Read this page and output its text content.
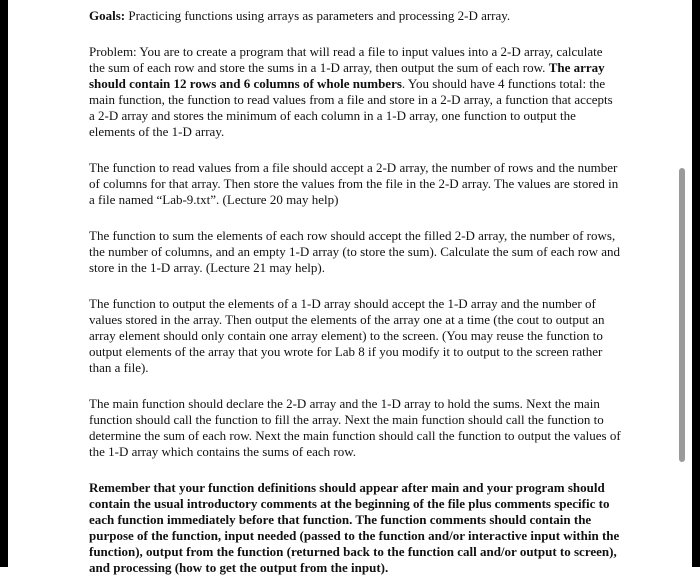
Goals: Practicing functions using arrays as parameters and processing 2-D array.

Problem: You are to create a program that will read a file to input values into a 2-D array, calculate the sum of each row and store the sums in a 1-D array, then output the sum of each row. The array should contain 12 rows and 6 columns of whole numbers. You should have 4 functions total: the main function, the function to read values from a file and store in a 2-D array, a function that accepts a 2-D array and stores the minimum of each column in a 1-D array, one function to output the elements of the 1-D array.

The function to read values from a file should accept a 2-D array, the number of rows and the number of columns for that array. Then store the values from the file in the 2-D array. The values are stored in a file named “Lab-9.txt”. (Lecture 20 may help)

The function to sum the elements of each row should accept the filled 2-D array, the number of rows, the number of columns, and an empty 1-D array (to store the sum). Calculate the sum of each row and store in the 1-D array. (Lecture 21 may help).

The function to output the elements of a 1-D array should accept the 1-D array and the number of values stored in the array. Then output the elements of the array one at a time (the cout to output an array element should only contain one array element) to the screen. (You may reuse the function to output elements of the array that you wrote for Lab 8 if you modify it to output to the screen rather than a file).

The main function should declare the 2-D array and the 1-D array to hold the sums. Next the main function should call the function to fill the array. Next the main function should call the function to determine the sum of each row. Next the main function should call the function to output the values of the 1-D array which contains the sums of each row.

Remember that your function definitions should appear after main and your program should contain the usual introductory comments at the beginning of the file plus comments specific to each function immediately before that function. The function comments should contain the purpose of the function, input needed (passed to the function and/or interactive input within the function), output from the function (returned back to the function call and/or output to screen), and processing (how to get the output from the input).
